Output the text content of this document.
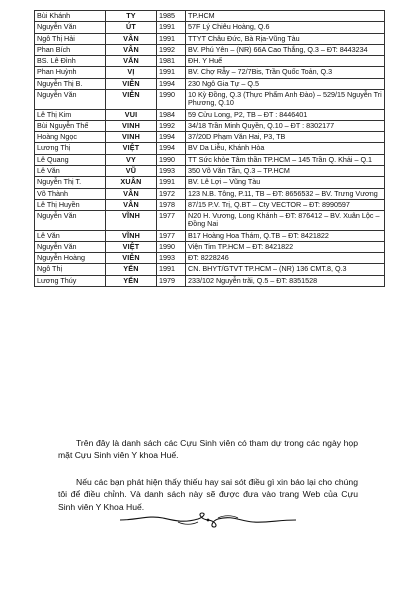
Bùi Khánh	TY	1985	TP.HCM
Nguyễn Văn	ÚT	1991	57F Lý Chiêu Hoàng, Q.6
Ngô Thị Hải	VÂN	1991	TTYT Châu Đức, Bà Rịa-Vũng Tàu
Phan Bích	VÂN	1992	BV. Phú Yên – (NR) 66A Cao Thắng, Q.3 – ĐT: 8443234
BS. Lê Đình	VẤN	1981	ĐH. Y Huế
Phan Huỳnh	VỊ	1991	BV. Chợ Rẫy – 72/7Bis, Trần Quốc Toản, Q.3
Nguyễn Thị B.	VIÊN	1994	230 Ngô Gia Tự – Q.5
Nguyễn Văn	VIỄN	1990	10 Kỳ Đồng, Q.3 (Thực Phẩm Anh Đào) – 529/15 Nguyễn Tri Phương, Q.10
Lê Thị Kim	VUI	1984	59 Cửu Long, P2, TB – ĐT : 8446401
Bùi Nguyễn Thế	VINH	1992	34/18 Trần Minh Quyền, Q.10 – ĐT : 8302177
Hoàng Ngọc	VINH	1994	37/20D Phạm Văn Hai, P3, TB
Lương Thị	VIỆT	1994	BV Da Liễu, Khánh Hòa
Lê Quang	VY	1990	TT Sức khỏe Tâm thần TP.HCM – 145 Trần Q. Khải – Q.1
Lê Văn	VŨ	1993	350 Võ Văn Tần, Q.3 – TP.HCM
Nguyễn Thị T.	XUÂN	1991	BV. Lê Lợi – Vũng Tàu
Võ Thành	VÂN	1972	123 N.B. Tông, P.11, TB – ĐT: 8656532 – BV. Trưng Vương
Lê Thị Huyền	VÂN	1978	87/15 P.V. Trị, Q.BT – Cty VECTOR – ĐT: 8990597
Nguyễn Văn	VĨNH	1977	N20 H. Vương, Long Khánh – ĐT: 876412 – BV. Xuân Lộc – Đồng Nai
Lê Văn	VĨNH	1977	B17 Hoàng Hoa Thám, Q.TB – ĐT: 8421822
Nguyễn Văn	VIỆT	1990	Viện Tim TP.HCM – ĐT: 8421822
Nguyễn Hoàng	VIÊN	1993	ĐT: 8228246
Ngô Thị	YẾN	1991	CN. BHYT/GTVT TP.HCM – (NR) 136 CMT.8, Q.3
Lương Thúy	YẾN	1979	233/102 Nguyễn trãi, Q.5 – ĐT: 8351528
Trên đây là danh sách các Cựu Sinh viên có tham dự trong các ngày họp mặt Cựu Sinh viên Y khoa Huế.
Nếu các bạn phát hiện thấy thiếu hay sai sót điều gì xin báo lại cho chúng tôi để điều chỉnh. Và danh sách này sẽ được đưa vào trang Web của Cựu Sinh viên Y Khoa Huế.
